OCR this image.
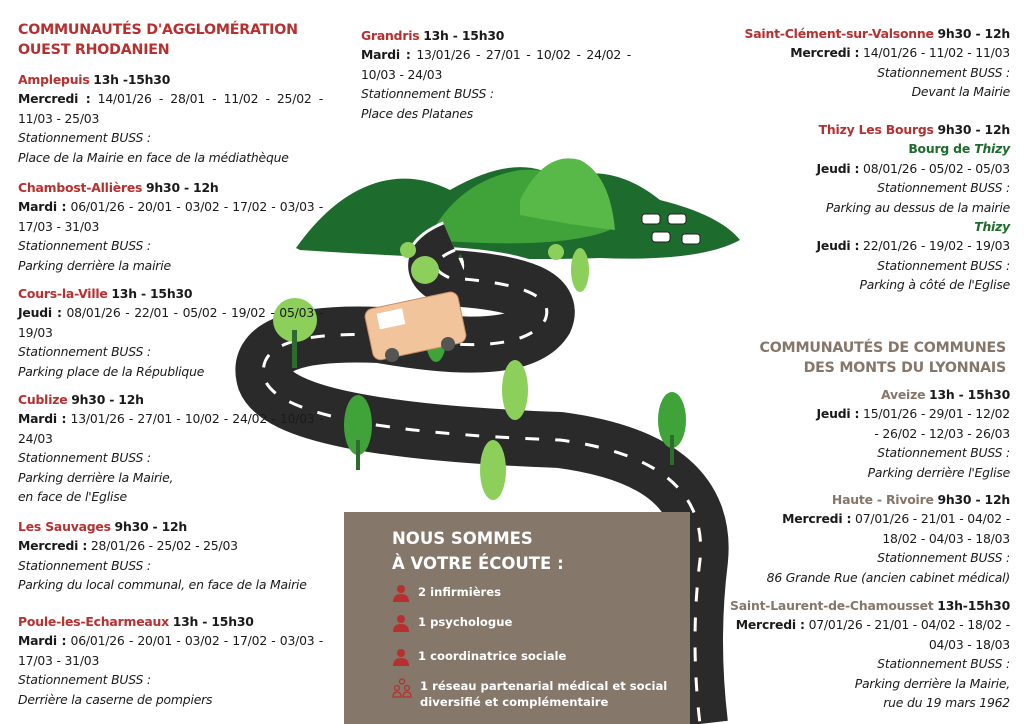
COMMUNAUTÉS D'AGGLOMÉRATION
OUEST RHODANIEN
Grandris 13h - 15h30
Mardi : 13/01/26 - 27/01 - 10/02 - 24/02 - 10/03 - 24/03
Stationnement BUSS :
Place des Platanes
Saint-Clément-sur-Valsonne 9h30 - 12h
Mercredi : 14/01/26 - 11/02 - 11/03
Stationnement BUSS :
Devant la Mairie
Thizy Les Bourgs 9h30 - 12h
Bourg de Thizy
Jeudi : 08/01/26 - 05/02 - 05/03
Stationnement BUSS :
Parking au dessus de la mairie
Thizy
Jeudi : 22/01/26 - 19/02 - 19/03
Stationnement BUSS :
Parking à côté de l'Eglise
COMMUNAUTÉS DE COMMUNES
DES MONTS DU LYONNAIS
NOUS SOMMES
À VOTRE ÉCOUTE :
2 infirmières
1 psychologue
1 coordinatrice sociale
1 réseau partenarial médical et social
diversifié et complémentaire
Amplepuis 13h -15h30
Mercredi : 14/01/26 - 28/01 - 11/02 - 25/02 - 11/03 - 25/03
Stationnement BUSS :
Place de la Mairie en face de la médiathèque
Chambost-Allières 9h30 - 12h
Mardi : 06/01/26 - 20/01 - 03/02 - 17/02 - 03/03 - 17/03 - 31/03
Stationnement BUSS :
Parking derrière la mairie
Cours-la-Ville 13h - 15h30
Jeudi : 08/01/26 - 22/01 - 05/02 - 19/02 - 05/03 - 19/03
Stationnement BUSS :
Parking place de la République
Cublize 9h30 - 12h
Mardi : 13/01/26 - 27/01 - 10/02 - 24/02 - 10/03 - 24/03
Stationnement BUSS :
Parking derrière la Mairie,
en face de l'Eglise
Les Sauvages 9h30 - 12h
Mercredi : 28/01/26 - 25/02 - 25/03
Stationnement BUSS :
Parking du local communal, en face de la Mairie
Poule-les-Echarmeaux 13h - 15h30
Mardi : 06/01/26 - 20/01 - 03/02 - 17/02 - 03/03 - 17/03 - 31/03
Stationnement BUSS :
Derrière la caserne de pompiers
Aveize 13h - 15h30
Jeudi : 15/01/26 - 29/01 - 12/02
- 26/02 - 12/03 - 26/03
Stationnement BUSS :
Parking derrière l'Eglise
Haute - Rivoire 9h30 - 12h
Mercredi : 07/01/26 - 21/01 - 04/02 -
18/02 - 04/03 - 18/03
Stationnement BUSS :
86 Grande Rue (ancien cabinet médical)
Saint-Laurent-de-Chamousset 13h-15h30
Mercredi : 07/01/26 - 21/01 - 04/02 - 18/02 -
04/03 - 18/03
Stationnement BUSS :
Parking derrière la Mairie,
rue du 19 mars 1962
